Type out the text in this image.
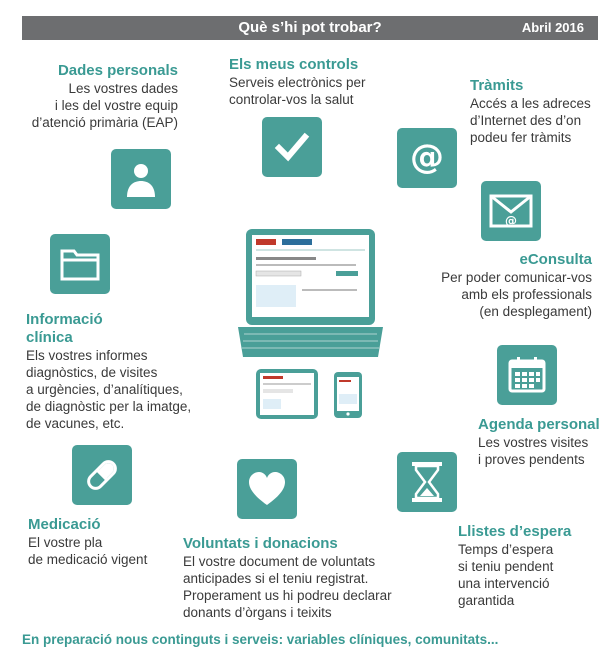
Què s’hi pot trobar?	Abril 2016
Dades personals
Les vostres dades
i les del vostre equip
d’atenció primària (EAP)
Els meus controls
Serveis electrònics per
controlar-vos la salut
Tràmits
Accés a les adreces
d’Internet des d’on
podeu fer tràmits
@
@
eConsulta
Per poder comunicar-vos
amb els professionals
(en desplegament)
Informació
clínica
Els vostres informes
diagnòstics, de visites
a urgències, d’analítiques,
de diagnòstic per la imatge,
de vacunes, etc.	Agenda personal
Les vostres visites
i proves pendents
Medicació
El vostre pla
de medicació vigent
Voluntats i donacions
El vostre document de voluntats
anticipades si el teniu registrat.
Properament us hi podreu declarar
donants d’òrgans i teixits
Llistes d’espera
Temps d’espera
si teniu pendent
una intervenció
garantida
En preparació nous continguts i serveis: variables clíniques, comunitats...
